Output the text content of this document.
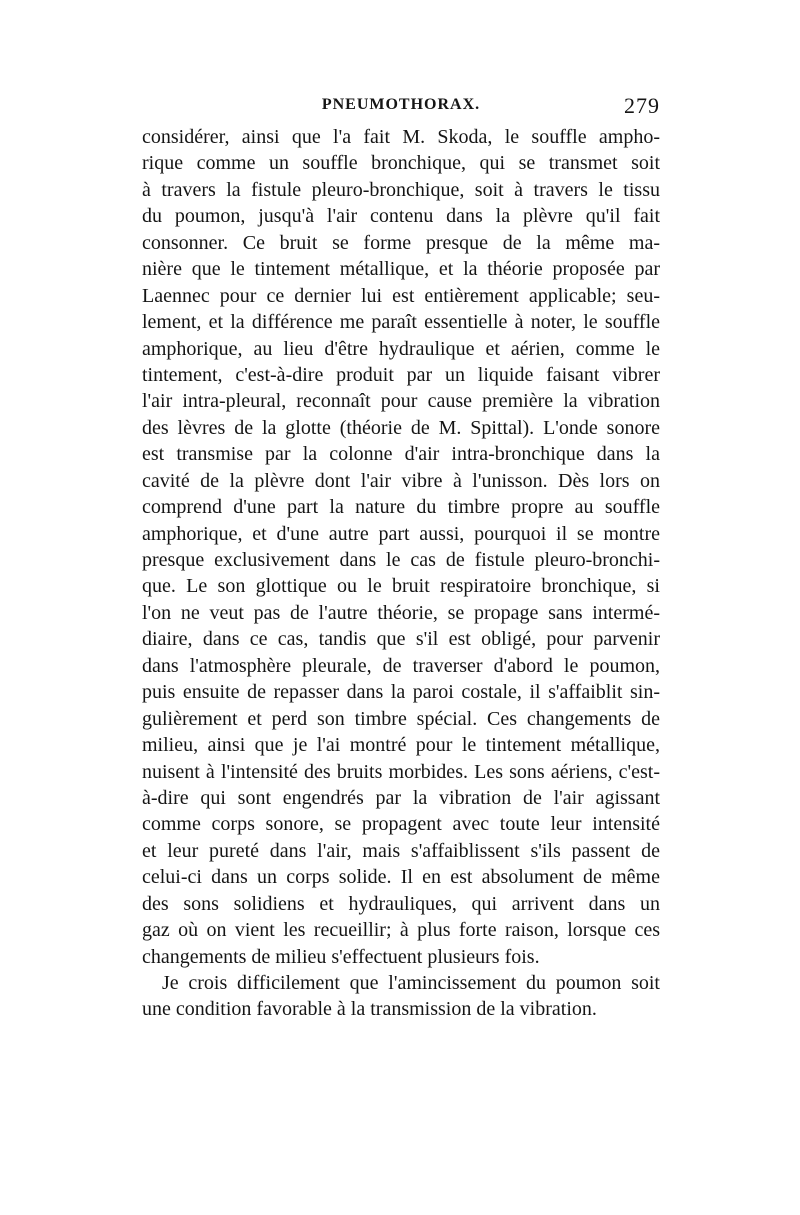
PNEUMOTHORAX.	279
considérer, ainsi que l'a fait M. Skoda, le souffle ampho-
rique comme un souffle bronchique, qui se transmet soit
à travers la fistule pleuro-bronchique, soit à travers le tissu
du poumon, jusqu'à l'air contenu dans la plèvre qu'il fait
consonner. Ce bruit se forme presque de la même ma-
nière que le tintement métallique, et la théorie proposée par
Laennec pour ce dernier lui est entièrement applicable; seu-
lement, et la différence me paraît essentielle à noter, le souffle
amphorique, au lieu d'être hydraulique et aérien, comme le
tintement, c'est-à-dire produit par un liquide faisant vibrer
l'air intra-pleural, reconnaît pour cause première la vibration
des lèvres de la glotte (théorie de M. Spittal). L'onde sonore
est transmise par la colonne d'air intra-bronchique dans la
cavité de la plèvre dont l'air vibre à l'unisson. Dès lors on
comprend d'une part la nature du timbre propre au souffle
amphorique, et d'une autre part aussi, pourquoi il se montre
presque exclusivement dans le cas de fistule pleuro-bronchi-
que. Le son glottique ou le bruit respiratoire bronchique, si
l'on ne veut pas de l'autre théorie, se propage sans intermé-
diaire, dans ce cas, tandis que s'il est obligé, pour parvenir
dans l'atmosphère pleurale, de traverser d'abord le poumon,
puis ensuite de repasser dans la paroi costale, il s'affaiblit sin-
gulièrement et perd son timbre spécial. Ces changements de
milieu, ainsi que je l'ai montré pour le tintement métallique,
nuisent à l'intensité des bruits morbides. Les sons aériens, c'est-
à-dire qui sont engendrés par la vibration de l'air agissant
comme corps sonore, se propagent avec toute leur intensité
et leur pureté dans l'air, mais s'affaiblissent s'ils passent de
celui-ci dans un corps solide. Il en est absolument de même
des sons solidiens et hydrauliques, qui arrivent dans un
gaz où on vient les recueillir; à plus forte raison, lorsque ces
changements de milieu s'effectuent plusieurs fois.
Je crois difficilement que l'amincissement du poumon soit
une condition favorable à la transmission de la vibration.
